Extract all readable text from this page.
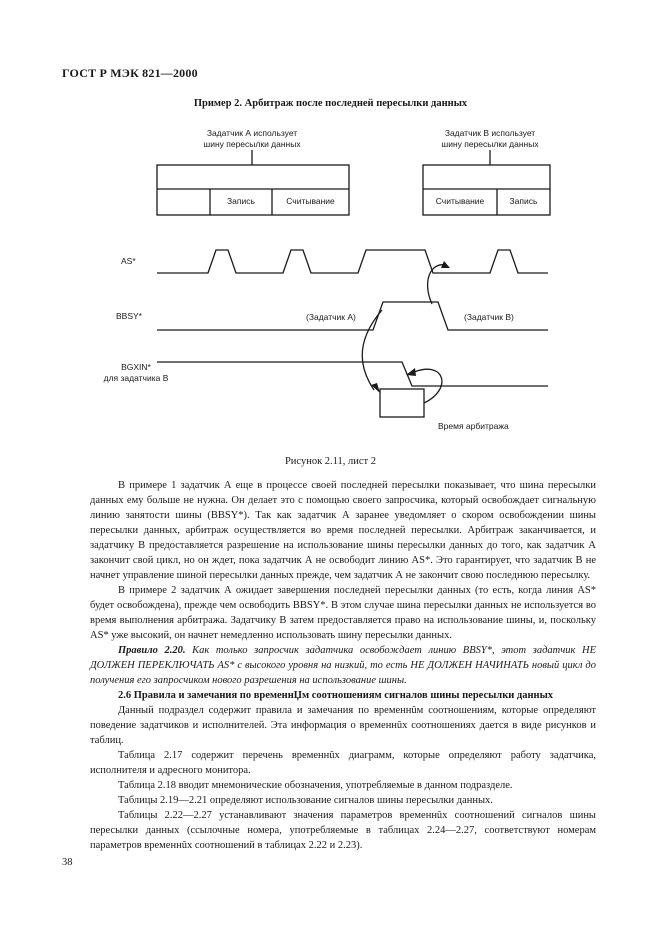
ГОСТ Р МЭК 821—2000
Пример 2. Арбитраж после последней пересылки данных
Задатчик А использует
шину пересылки данных
Задатчик В использует
шину пересылки данных
Запись	Считывание	Считывание	Запись
AS*
BBSY*
BGXIN*
для задатчика В
(Задатчик А)	(Задатчик В)
Время арбитража
Рисунок 2.11, лист 2

В примере 1 задатчик А еще в процессе своей последней пересылки показывает, что шина пересылки данных ему больше не нужна. Он делает это с помощью своего запросчика, который освобождает сигнальную линию занятости шины (BBSY*). Так как задатчик А заранее уведомляет о скором освобождении шины пересылки данных, арбитраж осуществляется во время последней пересылки. Арбитраж заканчивается, и задатчику В предоставляется разрешение на использование шины пересылки данных до того, как задатчик А закончит свой цикл, но он ждет, пока задатчик А не освободит линию AS*. Это гарантирует, что задатчик В не начнет управление шиной пересылки данных прежде, чем задатчик А не закончит свою последнюю пересылку.

В примере 2 задатчик А ожидает завершения последней пересылки данных (то есть, когда линия AS* будет освобождена), прежде чем освободить BBSY*. В этом случае шина пересылки данных не используется во время выполнения арбитража. Задатчику В затем предоставляется право на использование шины, и, поскольку AS* уже высокий, он начнет немедленно использовать шину пересылки данных.

Правило 2.20. Как только запросчик задатчика освобождает линию BBSY*, этот задатчик НЕ ДОЛЖЕН ПЕРЕКЛЮЧАТЬ AS* с высокого уровня на низкий, то есть НЕ ДОЛЖЕН НАЧИНАТЬ новый цикл до получения его запросчиком нового разрешения на использование шины.

2.6 Правила и замечания по временнЏм соотношениям сигналов шины пересылки данных

Данный подраздел содержит правила и замечания по временнûм соотношениям, которые определяют поведение задатчиков и исполнителей. Эта информация о временнûх соотношениях дается в виде рисунков и таблиц.

Таблица 2.17 содержит перечень временнûх диаграмм, которые определяют работу задатчика, исполнителя и адресного монитора.

Таблица 2.18 вводит мнемонические обозначения, употребляемые в данном подразделе.

Таблицы 2.19—2.21 определяют использование сигналов шины пересылки данных.

Таблицы 2.22—2.27 устанавливают значения параметров временнûх соотношений сигналов шины пересылки данных (ссылочные номера, употребляемые в таблицах 2.24—2.27, соответствуют номерам параметров временнûх соотношений в таблицах 2.22 и 2.23).

38
